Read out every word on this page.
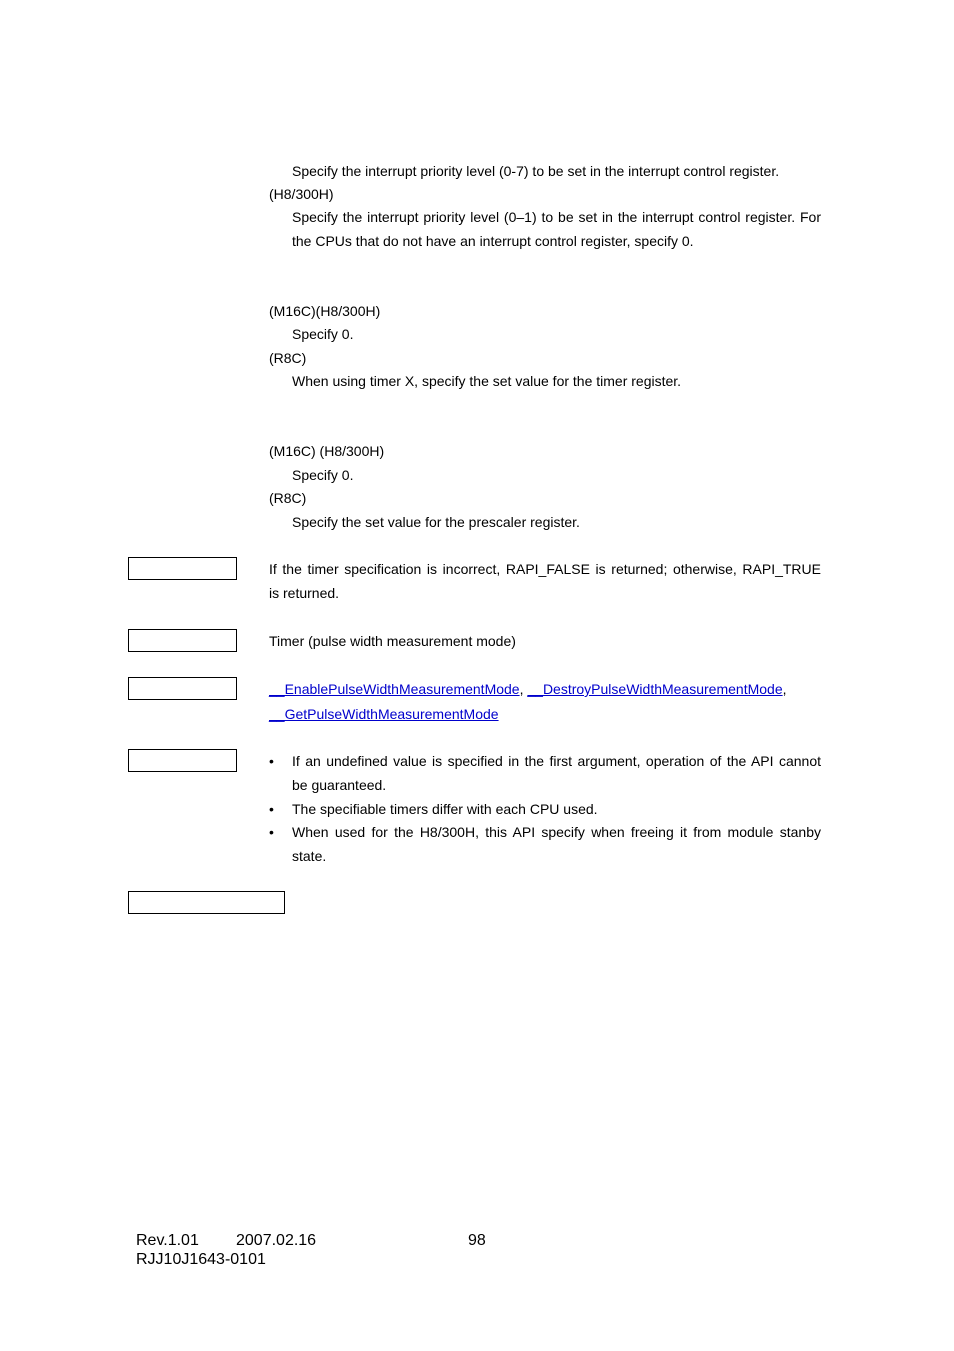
Specify the interrupt priority level (0‑7) to be set in the interrupt control register.
(H8/300H)
Specify the interrupt priority level (0–1) to be set in the interrupt control register. For
the CPUs that do not have an interrupt control register, specify 0.
(M16C)(H8/300H)
Specify 0.
(R8C)
When using timer X, specify the set value for the timer register.
(M16C) (H8/300H)
Specify 0.
(R8C)
Specify the set value for the prescaler register.
If the timer specification is incorrect, RAPI_FALSE is returned; otherwise, RAPI_TRUE
is returned.
Timer (pulse width measurement mode)
__EnablePulseWidthMeasurementMode, __DestroyPulseWidthMeasurementMode,
__GetPulseWidthMeasurementMode
• If an undefined value is specified in the first argument, operation of the API cannot
be guaranteed.
• The specifiable timers differ with each CPU used.
• When used for the H8/300H, this API specify when freeing it from module stanby
state.
Rev.1.01 2007.02.16	98
RJJ10J1643-0101
